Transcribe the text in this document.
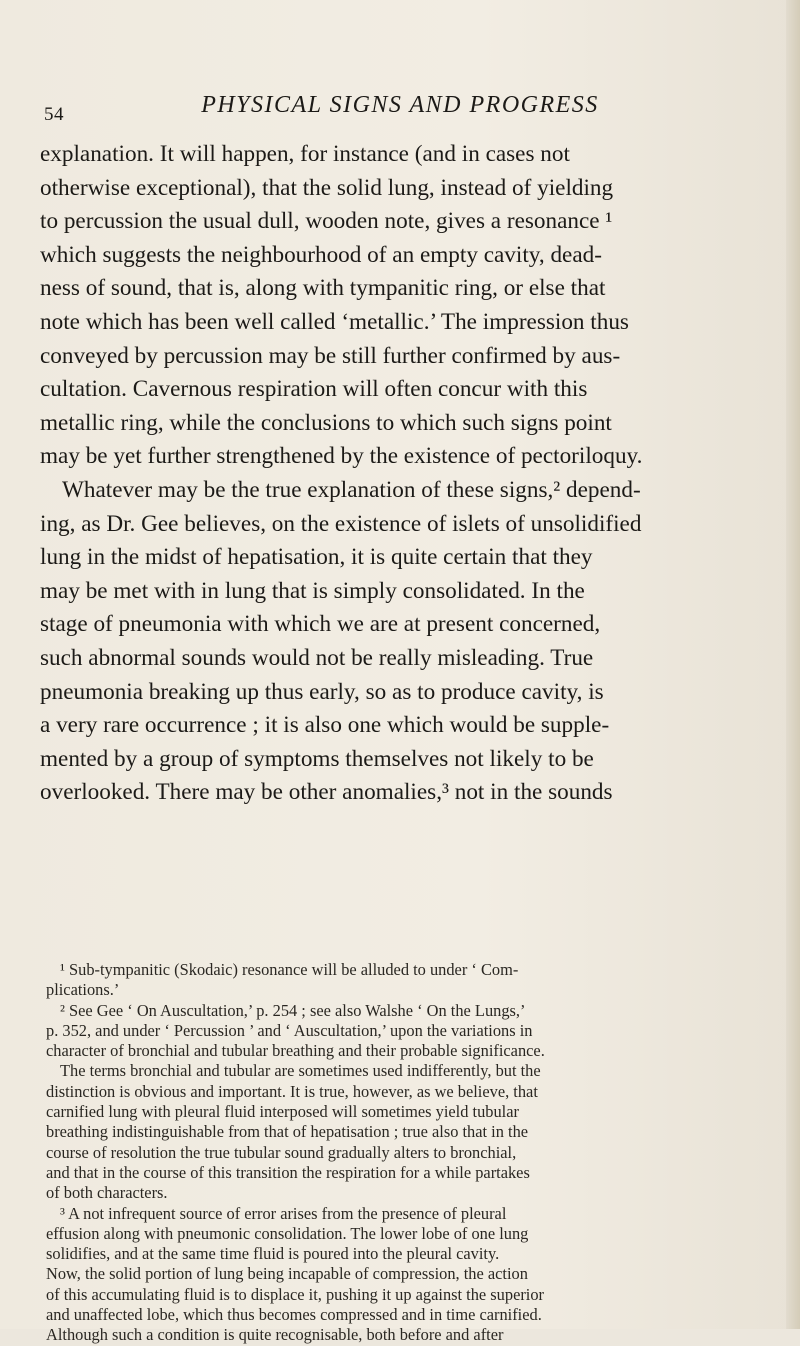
54	PHYSICAL SIGNS AND PROGRESS
explanation. It will happen, for instance (and in cases not
otherwise exceptional), that the solid lung, instead of yielding
to percussion the usual dull, wooden note, gives a resonance ¹
which suggests the neighbourhood of an empty cavity, dead-
ness of sound, that is, along with tympanitic ring, or else that
note which has been well called ‘metallic.’ The impression thus
conveyed by percussion may be still further confirmed by aus-
cultation. Cavernous respiration will often concur with this
metallic ring, while the conclusions to which such signs point
may be yet further strengthened by the existence of pectoriloquy.
Whatever may be the true explanation of these signs,² depend-
ing, as Dr. Gee believes, on the existence of islets of unsolidified
lung in the midst of hepatisation, it is quite certain that they
may be met with in lung that is simply consolidated. In the
stage of pneumonia with which we are at present concerned,
such abnormal sounds would not be really misleading. True
pneumonia breaking up thus early, so as to produce cavity, is
a very rare occurrence ; it is also one which would be supple-
mented by a group of symptoms themselves not likely to be
overlooked. There may be other anomalies,³ not in the sounds
¹ Sub-tympanitic (Skodaic) resonance will be alluded to under ‘ Com-
plications.’
² See Gee ‘ On Auscultation,’ p. 254 ; see also Walshe ‘ On the Lungs,’
p. 352, and under ‘ Percussion ’ and ‘ Auscultation,’ upon the variations in
character of bronchial and tubular breathing and their probable significance.
The terms bronchial and tubular are sometimes used indifferently, but the
distinction is obvious and important. It is true, however, as we believe, that
carnified lung with pleural fluid interposed will sometimes yield tubular
breathing indistinguishable from that of hepatisation ; true also that in the
course of resolution the true tubular sound gradually alters to bronchial,
and that in the course of this transition the respiration for a while partakes
of both characters.
³ A not infrequent source of error arises from the presence of pleural
effusion along with pneumonic consolidation. The lower lobe of one lung
solidifies, and at the same time fluid is poured into the pleural cavity.
Now, the solid portion of lung being incapable of compression, the action
of this accumulating fluid is to displace it, pushing it up against the superior
and unaffected lobe, which thus becomes compressed and in time carnified.
Although such a condition is quite recognisable, both before and after
